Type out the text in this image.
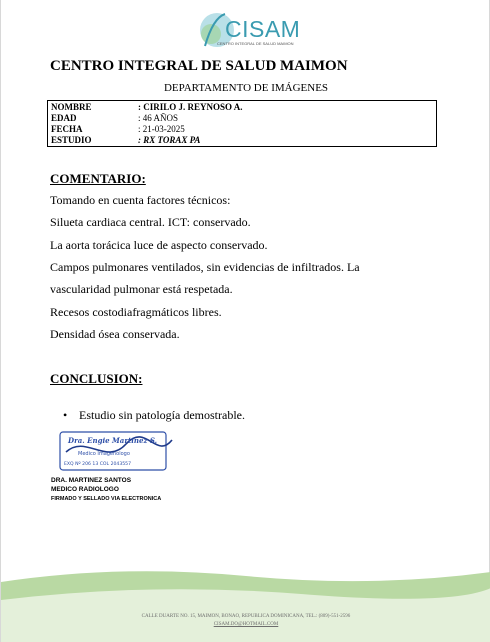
CISAM
CENTRO INTEGRAL DE SALUD MAIMON
CENTRO INTEGRAL DE SALUD MAIMON
DEPARTAMENTO DE IMÁGENES
NOMBRE	: CIRILO J. REYNOSO A.
EDAD	: 46 AÑOS
FECHA	: 21-03-2025
ESTUDIO	: RX TORAX PA
COMENTARIO:
Tomando en cuenta factores técnicos:
Silueta cardiaca central. ICT: conservado.
La aorta torácica luce de aspecto conservado.
Campos pulmonares ventilados, sin evidencias de infiltrados. La
vascularidad pulmonar está respetada.
Recesos costodiafragmáticos libres.
Densidad ósea conservada.
CONCLUSION:
• Estudio sin patología demostrable.
Dra. Engie Martinez S.
Medico Imagenologo
EXQ Nº 206 13 COL 2043557
DRA. MARTINEZ SANTOS
MEDICO RADIOLOGO
FIRMADO Y SELLADO VIA ELECTRONICA
CALLE DUARTE NO. 15, MAIMON, BONAO, REPUBLICA DOMINICANA, TEL.: (809)-551-2596
CISAM.DO@HOTMAIL.COM
